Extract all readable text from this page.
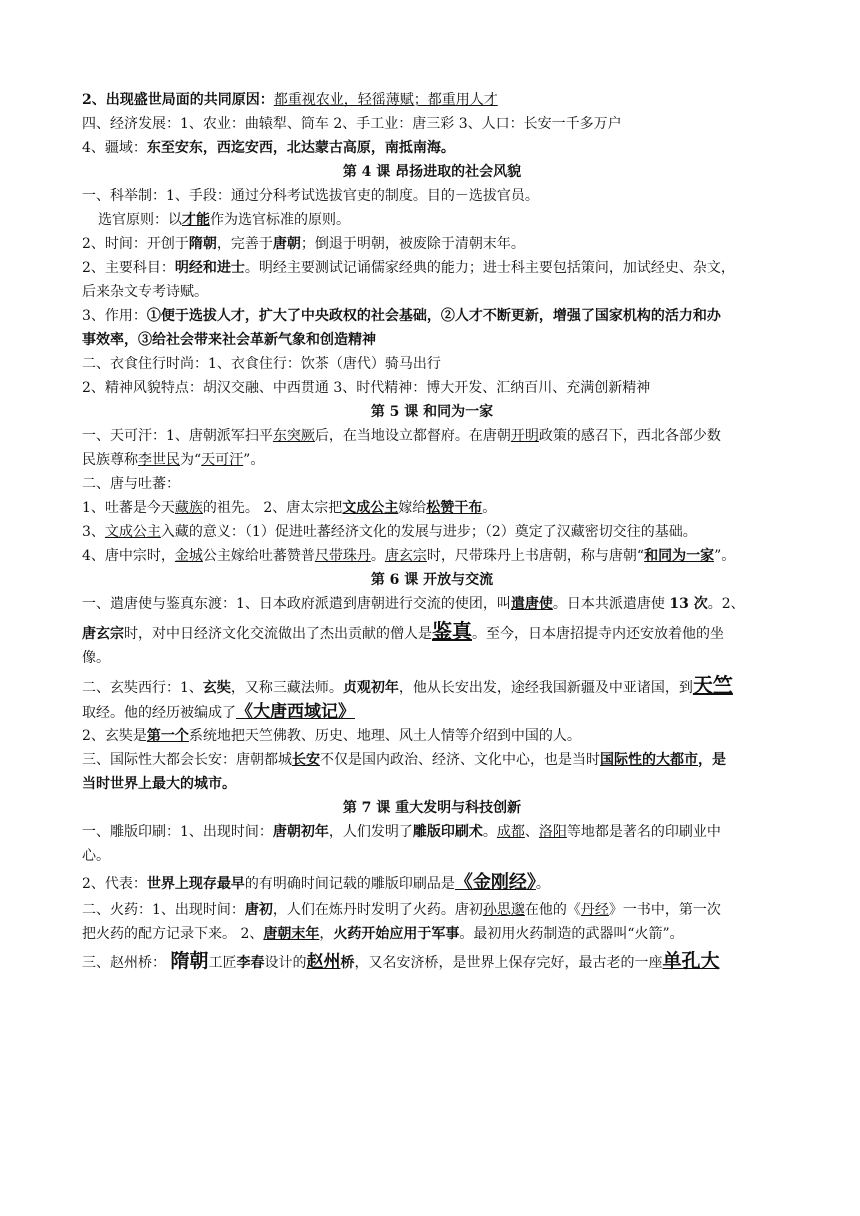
2、出现盛世局面的共同原因：都重视农业，轻徭薄赋；都重用人才
四、经济发展：1、农业：曲辕犁、筒车 2、手工业：唐三彩 3、人口：长安一千多万户
4、疆域：东至安东，西迄安西，北达蒙古高原，南抵南海。
第 4 课 昂扬进取的社会风貌
一、科举制：1、手段：通过分科考试选拔官吏的制度。目的－选拔官员。
选官原则：以才能作为选官标准的原则。
2、时间：开创于隋朝，完善于唐朝；倒退于明朝，被废除于清朝末年。
2、主要科目：明经和进士。明经主要测试记诵儒家经典的能力；进士科主要包括策问，加试经史、杂文，
后来杂文专考诗赋。
3、作用：①便于选拔人才，扩大了中央政权的社会基础，②人才不断更新，增强了国家机构的活力和办
事效率，③给社会带来社会革新气象和创造精神
二、衣食住行时尚：1、衣食住行：饮茶（唐代）骑马出行
2、精神风貌特点：胡汉交融、中西贯通 3、时代精神：博大开发、汇纳百川、充满创新精神
第 5 课 和同为一家
一、天可汗：1、唐朝派军扫平东突厥后，在当地设立都督府。在唐朝开明政策的感召下，西北各部少数
民族尊称李世民为“天可汗”。
二、唐与吐蕃：
1、吐蕃是今天藏族的祖先。 2、唐太宗把文成公主嫁给松赞干布。
3、文成公主入藏的意义：（1）促进吐蕃经济文化的发展与进步；（2）奠定了汉藏密切交往的基础。
4、唐中宗时，金城公主嫁给吐蕃赞普尺带珠丹。唐玄宗时，尺带珠丹上书唐朝，称与唐朝“和同为一家”。
第 6 课 开放与交流
一、遣唐使与鉴真东渡：1、日本政府派遣到唐朝进行交流的使团，叫遣唐使。日本共派遣唐使 13 次。2、
唐玄宗时，对中日经济文化交流做出了杰出贡献的僧人是鉴真。至今，日本唐招提寺内还安放着他的坐
像。
二、玄奘西行：1、玄奘，又称三藏法师。贞观初年，他从长安出发，途经我国新疆及中亚诸国，到天竺
取经。他的经历被编成了《大唐西域记》
2、玄奘是第一个系统地把天竺佛教、历史、地理、风土人情等介绍到中国的人。
三、国际性大都会长安：唐朝都城长安不仅是国内政治、经济、文化中心，也是当时国际性的大都市，是
当时世界上最大的城市。
第 7 课 重大发明与科技创新
一、雕版印刷：1、出现时间：唐朝初年，人们发明了雕版印刷术。成都、洛阳等地都是著名的印刷业中
心。
2、代表：世界上现存最早的有明确时间记载的雕版印刷品是《金刚经》。
二、火药：1、出现时间：唐初，人们在炼丹时发明了火药。唐初孙思邈在他的《丹经》一书中，第一次
把火药的配方记录下来。 2、唐朝末年，火药开始应用于军事。最初用火药制造的武器叫“火箭”。
三、赵州桥： 隋朝工匠李春设计的赵州桥，又名安济桥，是世界上保存完好，最古老的一座单孔大
